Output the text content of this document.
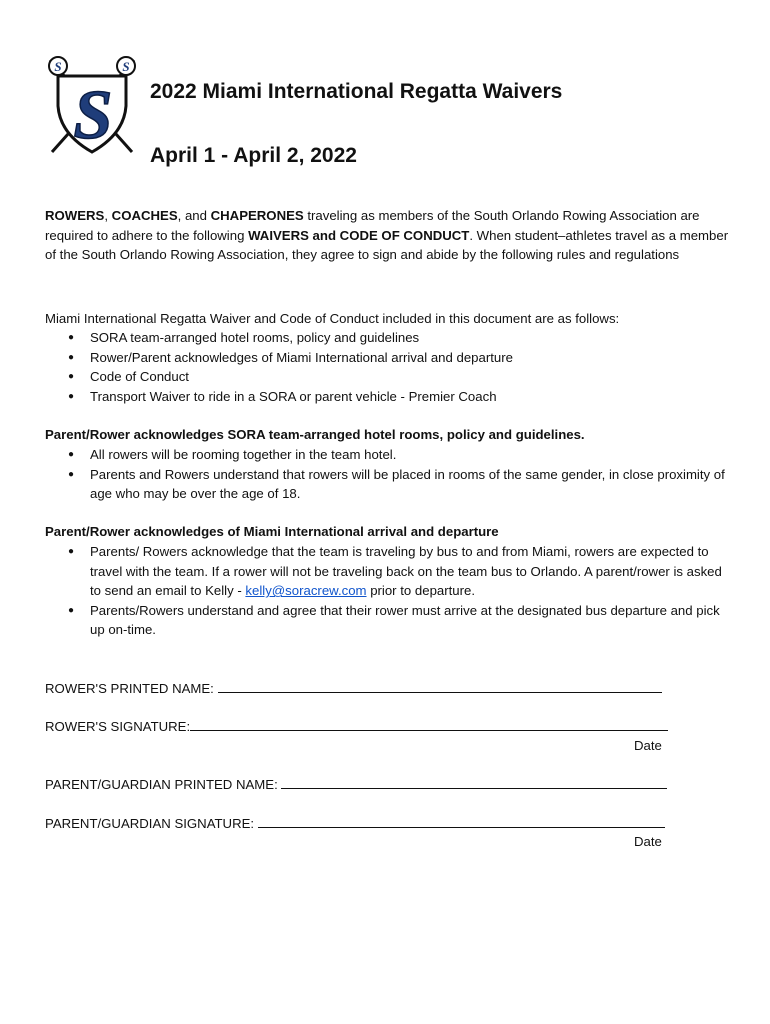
S	S
S 2022 Miami International Regatta Waivers
April 1 - April 2, 2022

ROWERS, COACHES, and CHAPERONES traveling as members of the South Orlando Rowing Association are required to adhere to the following WAIVERS and CODE OF CONDUCT. When student–athletes travel as a member of the South Orlando Rowing Association, they agree to sign and abide by the following rules and regulations

Miami International Regatta Waiver and Code of Conduct included in this document are as follows:

● SORA team-arranged hotel rooms, policy and guidelines
● Rower/Parent acknowledges of Miami International arrival and departure
● Code of Conduct
● Transport Waiver to ride in a SORA or parent vehicle - Premier Coach

Parent/Rower acknowledges SORA team-arranged hotel rooms, policy and guidelines.

● All rowers will be rooming together in the team hotel.
● Parents and Rowers understand that rowers will be placed in rooms of the same gender, in close proximity of age who may be over the age of 18.

Parent/Rower acknowledges of Miami International arrival and departure

● Parents/ Rowers acknowledge that the team is traveling by bus to and from Miami, rowers are expected to travel with the team. If a rower will not be traveling back on the team bus to Orlando. A parent/rower is asked to send an email to Kelly - kelly@soracrew.com prior to departure.
● Parents/Rowers understand and agree that their rower must arrive at the designated bus departure and pick up on-time.
ROWER'S PRINTED NAME:
ROWER'S SIGNATURE:
Date
PARENT/GUARDIAN PRINTED NAME:
PARENT/GUARDIAN SIGNATURE:
Date
